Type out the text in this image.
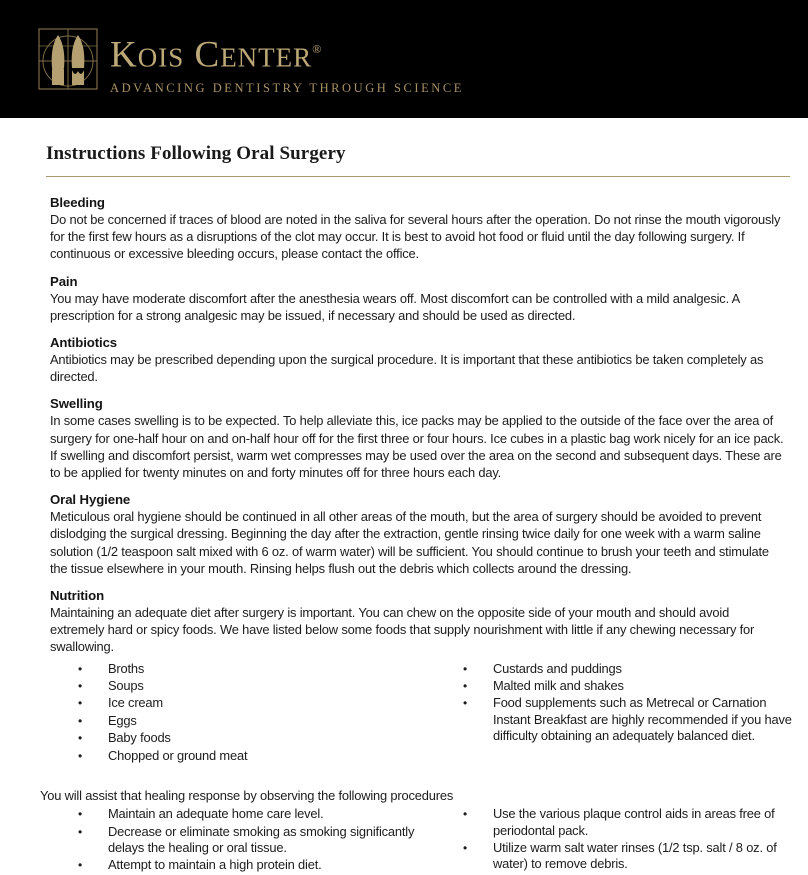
KOIS CENTER®
ADVANCING DENTISTRY THROUGH SCIENCE
Instructions Following Oral Surgery
Bleeding
Do not be concerned if traces of blood are noted in the saliva for several hours after the operation. Do not rinse the mouth vigorously for the first few hours as a disruptions of the clot may occur. It is best to avoid hot food or fluid until the day following surgery. If continuous or excessive bleeding occurs, please contact the office.
Pain
You may have moderate discomfort after the anesthesia wears off. Most discomfort can be controlled with a mild analgesic. A prescription for a strong analgesic may be issued, if necessary and should be used as directed.
Antibiotics
Antibiotics may be prescribed depending upon the surgical procedure. It is important that these antibiotics be taken completely as directed.
Swelling
In some cases swelling is to be expected. To help alleviate this, ice packs may be applied to the outside of the face over the area of surgery for one-half hour on and on-half hour off for the first three or four hours. Ice cubes in a plastic bag work nicely for an ice pack. If swelling and discomfort persist, warm wet compresses may be used over the area on the second and subsequent days. These are to be applied for twenty minutes on and forty minutes off for three hours each day.
Oral Hygiene
Meticulous oral hygiene should be continued in all other areas of the mouth, but the area of surgery should be avoided to prevent dislodging the surgical dressing. Beginning the day after the extraction, gentle rinsing twice daily for one week with a warm saline solution (1/2 teaspoon salt mixed with 6 oz. of warm water) will be sufficient. You should continue to brush your teeth and stimulate the tissue elsewhere in your mouth. Rinsing helps flush out the debris which collects around the dressing.
Nutrition
Maintaining an adequate diet after surgery is important. You can chew on the opposite side of your mouth and should avoid extremely hard or spicy foods. We have listed below some foods that supply nourishment with little if any chewing necessary for swallowing.
• Broths
• Soups
• Ice cream
• Eggs
• Baby foods
• Chopped or ground meat
• Custards and puddings
• Malted milk and shakes
• Food supplements such as Metrecal or Carnation Instant Breakfast are highly recommended if you have difficulty obtaining an adequately balanced diet.
You will assist that healing response by observing the following procedures
• Maintain an adequate home care level.
• Decrease or eliminate smoking as smoking significantly delays the healing or oral tissue.
• Attempt to maintain a high protein diet.
• Use the various plaque control aids in areas free of periodontal pack.
• Utilize warm salt water rinses (1/2 tsp. salt / 8 oz. of water) to remove debris.
